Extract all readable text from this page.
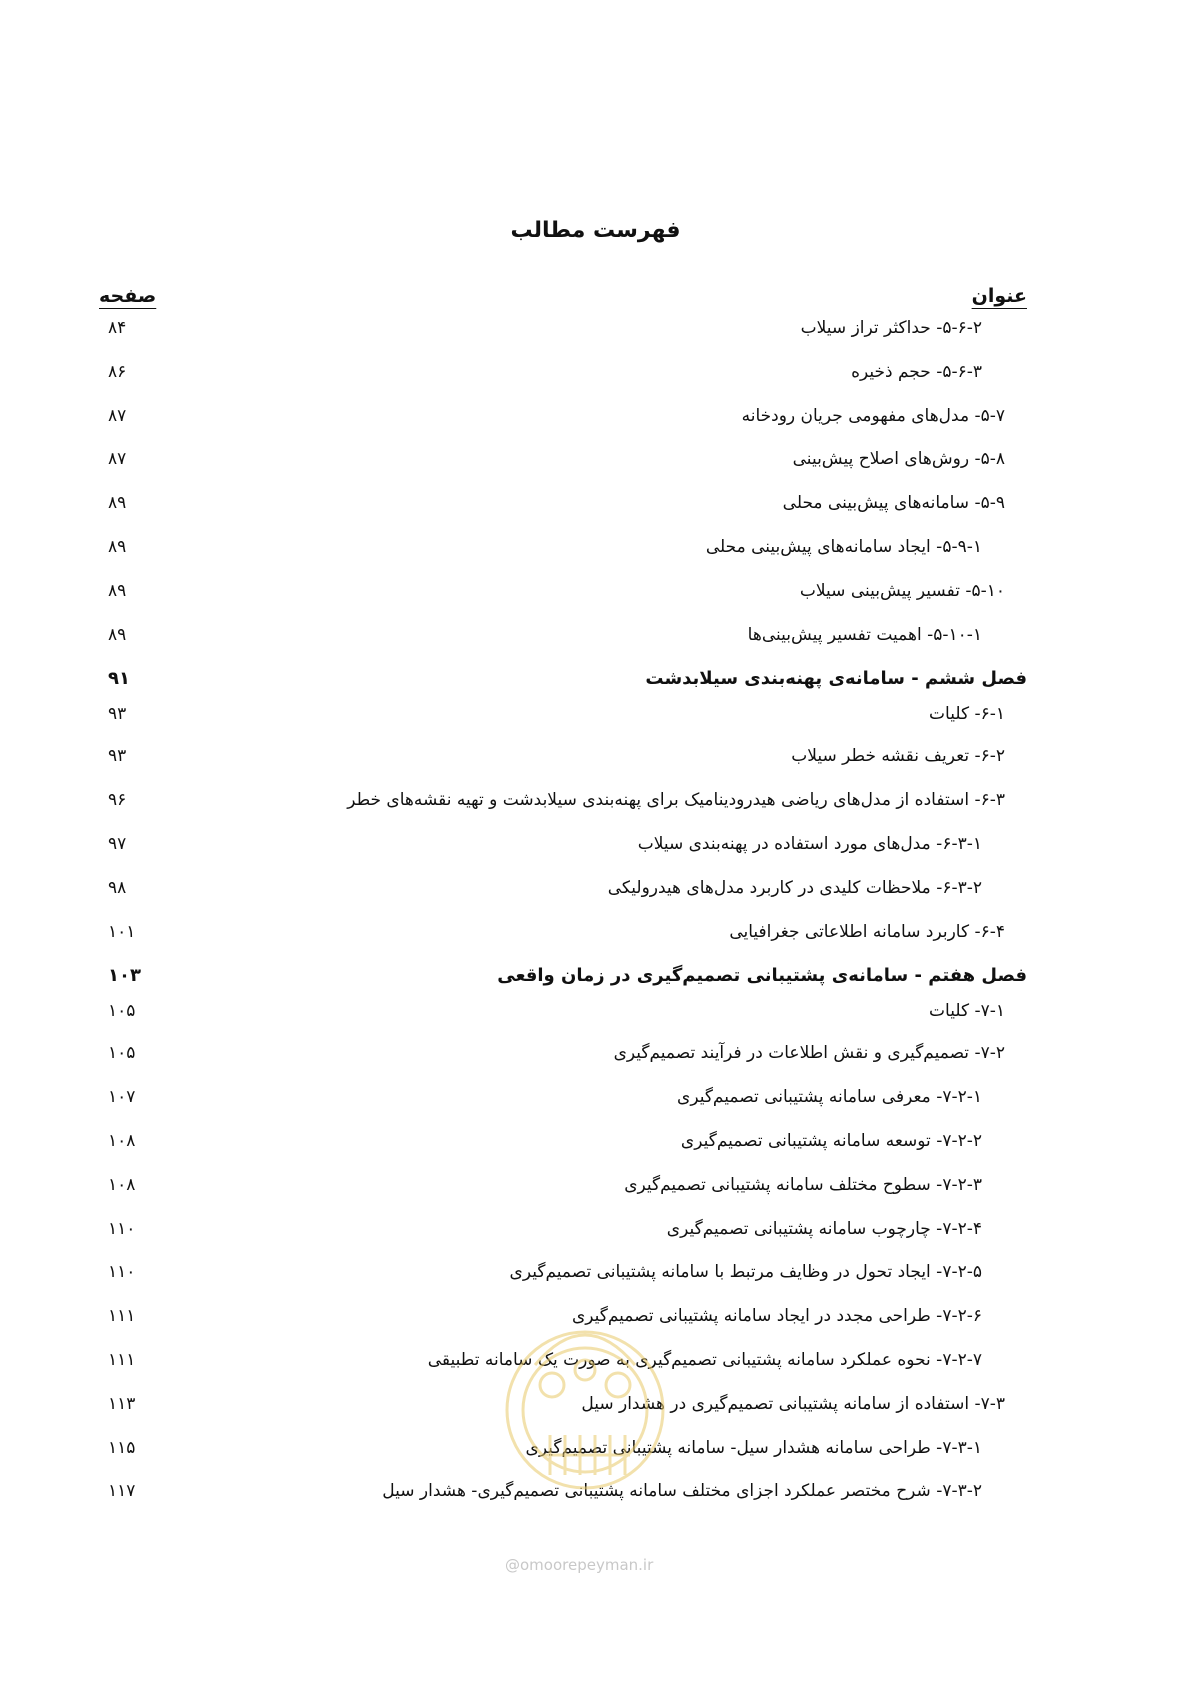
فهرست مطالب
عنوان
صفحه
۵-۶-۲- حداکثر تراز سیلاب
۸۴
۵-۶-۳- حجم ذخیره
۸۶
۵-۷- مدل‌های مفهومی جریان رودخانه
۸۷
۵-۸- روش‌های اصلاح پیش‌بینی
۸۷
۵-۹- سامانه‌های پیش‌بینی محلی
۸۹
۵-۹-۱- ایجاد سامانه‌های پیش‌بینی محلی
۸۹
۵-۱۰- تفسیر پیش‌بینی سیلاب
۸۹
۵-۱۰-۱- اهمیت تفسیر پیش‌بینی‌ها
۸۹
فصل ششم - سامانه‌ی پهنه‌بندی سیلابدشت
۹۱
۶-۱- کلیات
۹۳
۶-۲- تعریف نقشه خطر سیلاب
۹۳
۶-۳- استفاده از مدل‌های ریاضی هیدرودینامیک برای پهنه‌بندی سیلابدشت و تهیه نقشه‌های خطر
۹۶
۶-۳-۱- مدل‌های مورد استفاده در پهنه‌بندی سیلاب
۹۷
۶-۳-۲- ملاحظات کلیدی در کاربرد مدل‌های هیدرولیکی
۹۸
۶-۴- کاربرد سامانه اطلاعاتی جغرافیایی
۱۰۱
فصل هفتم - سامانه‌ی پشتیبانی تصمیم‌گیری در زمان واقعی
۱۰۳
۷-۱- کلیات
۱۰۵
۷-۲- تصمیم‌گیری و نقش اطلاعات در فرآیند تصمیم‌گیری
۱۰۵
۷-۲-۱- معرفی سامانه پشتیبانی تصمیم‌گیری
۱۰۷
۷-۲-۲- توسعه سامانه پشتیبانی تصمیم‌گیری
۱۰۸
۷-۲-۳- سطوح مختلف سامانه پشتیبانی تصمیم‌گیری
۱۰۸
۷-۲-۴- چارچوب سامانه پشتیبانی تصمیم‌گیری
۱۱۰
۷-۲-۵- ایجاد تحول در وظایف مرتبط با سامانه پشتیبانی تصمیم‌گیری
۱۱۰
۷-۲-۶- طراحی مجدد در ایجاد سامانه پشتیبانی تصمیم‌گیری
۱۱۱
۷-۲-۷- نحوه عملکرد سامانه پشتیبانی تصمیم‌گیری به صورت یک سامانه تطبیقی
۱۱۱
۷-۳- استفاده از سامانه پشتیبانی تصمیم‌گیری در هشدار سیل
۱۱۳
۷-۳-۱- طراحی سامانه هشدار سیل- سامانه پشتیبانی تصمیم‌گیری
۱۱۵
۷-۳-۲- شرح مختصر عملکرد اجزای مختلف سامانه پشتیبانی تصمیم‌گیری- هشدار سیل
۱۱۷
@omoorepeyman.ir
